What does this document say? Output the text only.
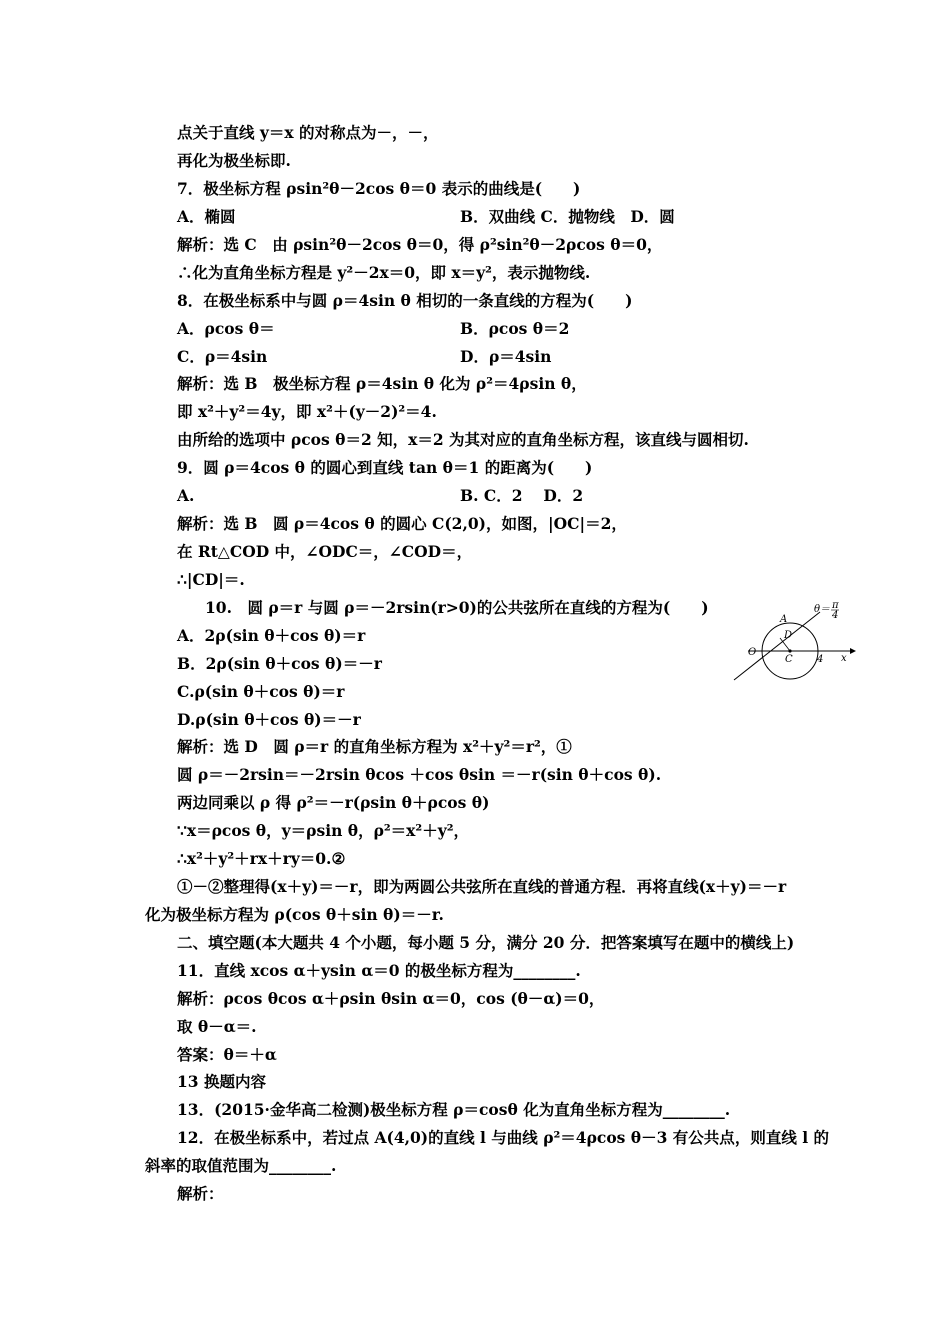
点关于直线 y＝x 的对称点为－，－，
再化为极坐标即.
7．极坐标方程 ρsin²θ－2cos θ＝0 表示的曲线是(　　)
A．椭圆	B．双曲线 C．抛物线　D．圆
解析：选 C　由 ρsin²θ－2cos θ＝0，得 ρ²sin²θ－2ρcos θ＝0，
∴化为直角坐标方程是 y²－2x＝0，即 x＝y²，表示抛物线.
8．在极坐标系中与圆 ρ＝4sin θ 相切的一条直线的方程为(　　)
A．ρcos θ＝	B．ρcos θ＝2
C．ρ＝4sin	D．ρ＝4sin
解析：选 B　极坐标方程 ρ＝4sin θ 化为 ρ²＝4ρsin θ，
即 x²＋y²＝4y，即 x²＋(y－2)²＝4.
由所给的选项中 ρcos θ＝2 知，x＝2 为其对应的直角坐标方程，该直线与圆相切.
9．圆 ρ＝4cos θ 的圆心到直线 tan θ＝1 的距离为(　　)
A.	B. C．2　 D．2
解析：选 B　圆 ρ＝4cos θ 的圆心 C(2,0)，如图，|OC|＝2，
在 Rt△COD 中，∠ODC＝，∠COD＝，
∴|CD|＝.
10.　圆 ρ＝r 与圆 ρ＝－2rsin(r>0)的公共弦所在直线的方程为(　　)
A．2ρ(sin θ＋cos θ)＝r
B．2ρ(sin θ＋cos θ)＝－r
C.ρ(sin θ＋cos θ)＝r
D.ρ(sin θ＋cos θ)＝－r
解析：选 D　圆 ρ＝r 的直角坐标方程为 x²＋y²＝r²，①
圆 ρ＝－2rsin＝－2rsin θcos ＋cos θsin ＝－r(sin θ＋cos θ).
两边同乘以 ρ 得 ρ²＝－r(ρsin θ＋ρcos θ)
∵x＝ρcos θ，y＝ρsin θ，ρ²＝x²＋y²，
∴x²＋y²＋rx＋ry＝0.②
①－②整理得(x＋y)＝－r，即为两圆公共弦所在直线的普通方程．再将直线(x＋y)＝－r
化为极坐标方程为 ρ(cos θ＋sin θ)＝－r.
二、填空题(本大题共 4 个小题，每小题 5 分，满分 20 分．把答案填写在题中的横线上)
11．直线 xcos α＋ysin α＝0 的极坐标方程为________.
解析：ρcos θcos α＋ρsin θsin α＝0，cos (θ－α)＝0，
取 θ－α＝.
答案：θ＝＋α
13 换题内容
13．(2015·金华高二检测)极坐标方程 ρ＝cosθ 化为直角坐标方程为________.
12．在极坐标系中，若过点 A(4,0)的直线 l 与曲线 ρ²＝4ρcos θ－3 有公共点，则直线 l 的
斜率的取值范围为________.
解析：
θ＝ π
4
A
D
O
C 4 x
